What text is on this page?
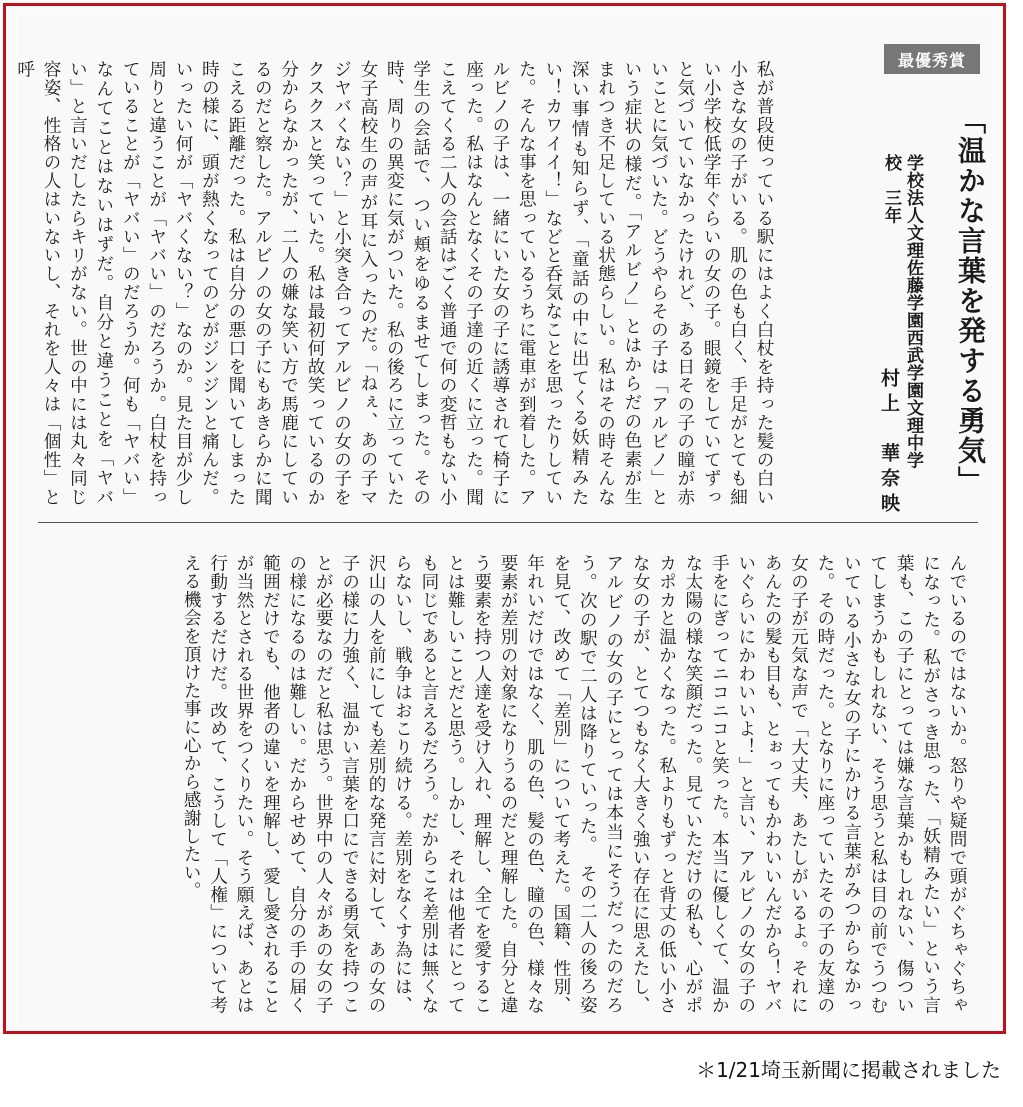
最優秀賞
「温かな言葉を発する勇気」
学校法人文理佐藤学園西武学園文理中学校　三年
村上　華奈映
私が普段使っている駅にはよく白杖を持った髪の白い小さな女の子がいる。肌の色も白く、手足がとても細い小学校低学年ぐらいの女の子。眼鏡をしていてずっと気づいていなかったけれど、ある日その子の瞳が赤いことに気づいた。どうやらその子は「アルビノ」という症状の様だ。「アルビノ」とはからだの色素が生まれつき不足している状態らしい。私はその時そんな深い事情も知らず、「童話の中に出てくる妖精みたい！カワイイ！」などと呑気なことを思ったりしていた。そんな事を思っているうちに電車が到着した。アルビノの子は、一緒にいた女の子に誘導されて椅子に座った。私はなんとなくその子達の近くに立った。聞こえてくる二人の会話はごく普通で何の変哲もない小学生の会話で、つい頬をゆるませてしまった。その時、周りの異変に気がついた。私の後ろに立っていた女子高校生の声が耳に入ったのだ。「ねぇ、あの子マジヤバくない？」と小突き合ってアルビノの女の子をクスクスと笑っていた。私は最初何故笑っているのか分からなかったが、二人の嫌な笑い方で馬鹿にしているのだと察した。アルビノの女の子にもあきらかに聞こえる距離だった。私は自分の悪口を聞いてしまった時の様に、頭が熱くなってのどがジンジンと痛んだ。いったい何が「ヤバくない？」なのか。見た目が少し周りと違うことが「ヤバい」のだろうか。白杖を持っていることが「ヤバい」のだろうか。何も「ヤバい」なんてことはないはずだ。自分と違うことを「ヤバい」と言いだしたらキリがない。世の中には丸々同じ容姿、性格の人はいないし、それを人々は「個性」と呼
んでいるのではないか。怒りや疑問で頭がぐちゃぐちゃになった。私がさっき思った、「妖精みたい」という言葉も、この子にとっては嫌な言葉かもしれない、傷ついてしまうかもしれない、そう思うと私は目の前でうつむいている小さな女の子にかける言葉がみつからなかった。その時だった。となりに座っていたその子の友達の女の子が元気な声で「大丈夫、あたしがいるよ。それにあんたの髪も目も、とぉってもかわいいんだから！ヤバいぐらいにかわいいよ！」と言い、アルビノの女の子の手をにぎってニコニコと笑った。本当に優しくて、温かな太陽の様な笑顔だった。見ていただけの私も、心がポカポカと温かくなった。私よりもずっと背丈の低い小さな女の子が、とてつもなく大きく強い存在に思えたし、アルビノの女の子にとっては本当にそうだったのだろう。次の駅で二人は降りていった。　その二人の後ろ姿を見て、改めて「差別」について考えた。国籍、性別、年れいだけではなく、肌の色、髪の色、瞳の色、様々な要素が差別の対象になりうるのだと理解した。自分と違う要素を持つ人達を受け入れ、理解し、全てを愛することは難しいことだと思う。しかし、それは他者にとっても同じであると言えるだろう。だからこそ差別は無くならないし、戦争はおこり続ける。差別をなくす為には、沢山の人を前にしても差別的な発言に対して、あの女の子の様に力強く、温かい言葉を口にできる勇気を持つことが必要なのだと私は思う。世界中の人々があの女の子の様になるのは難しい。だからせめて、自分の手の届く範囲だけでも、他者の違いを理解し、愛し愛されることが当然とされる世界をつくりたい。そう願えば、あとは行動するだけだ。改めて、こうして「人権」について考える機会を頂けた事に心から感謝したい。
＊1/21埼玉新聞に掲載されました
